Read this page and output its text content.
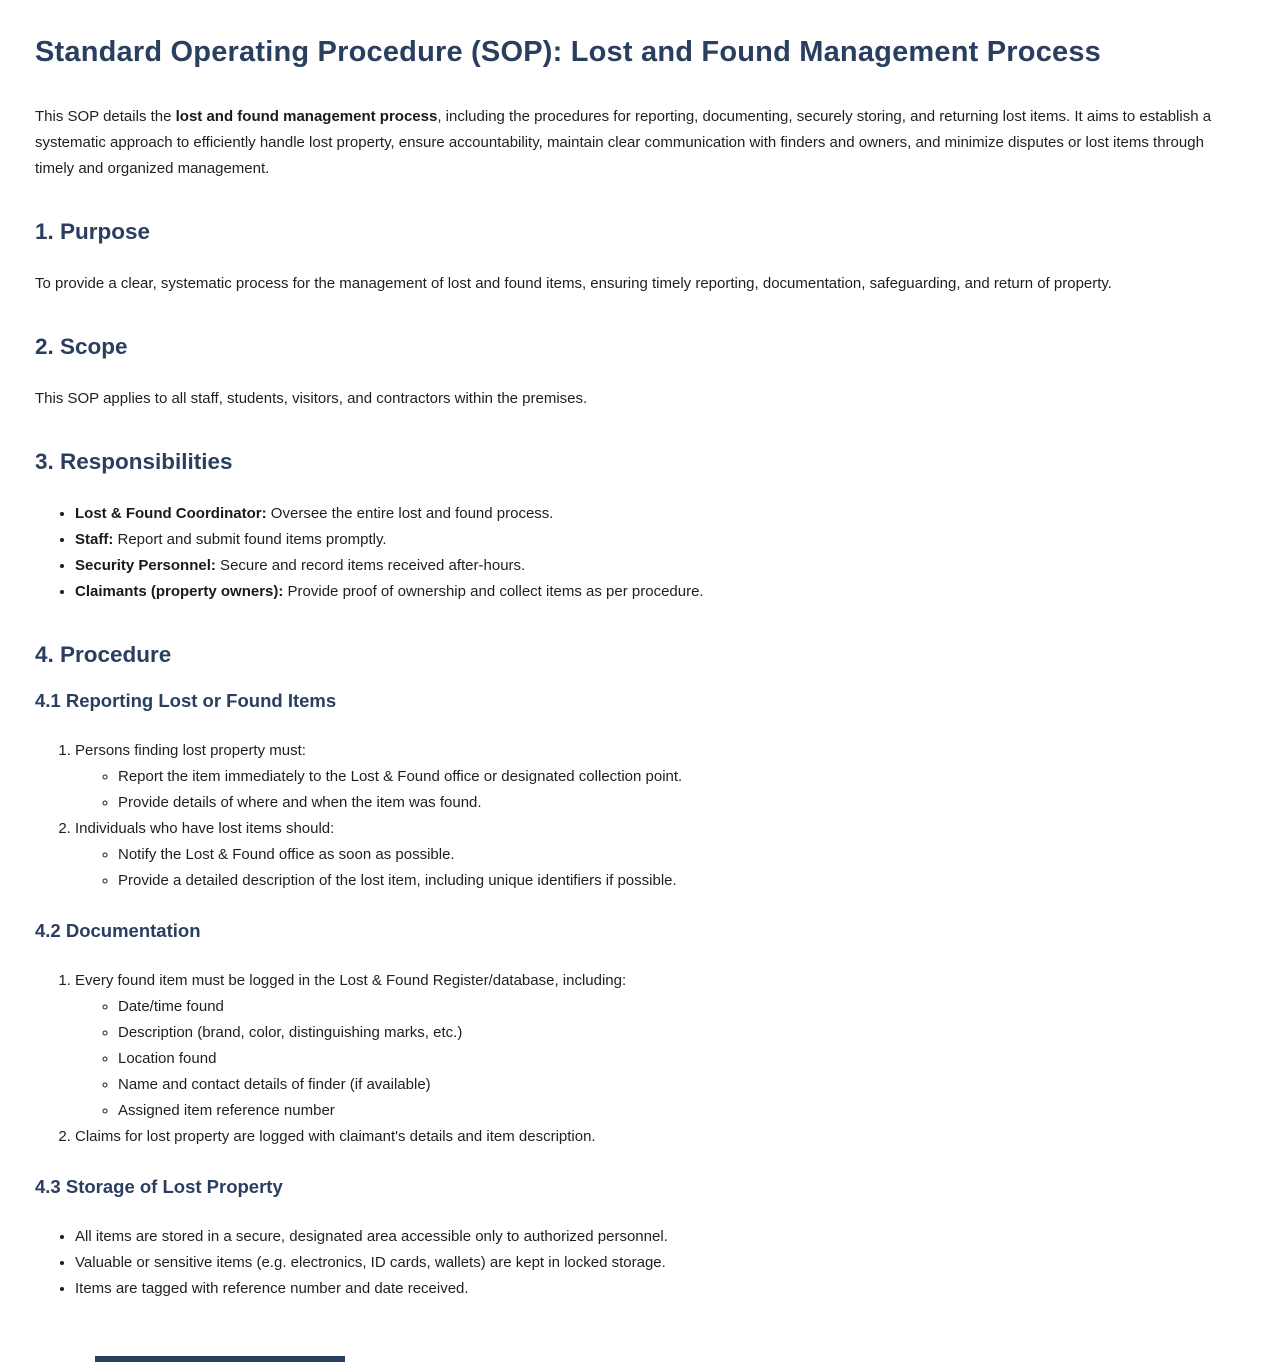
Standard Operating Procedure (SOP): Lost and Found Management Process

This SOP details the lost and found management process, including the procedures for reporting, documenting, securely storing, and returning lost items. It aims to establish a systematic approach to efficiently handle lost property, ensure accountability, maintain clear communication with finders and owners, and minimize disputes or lost items through timely and organized management.

1. Purpose

To provide a clear, systematic process for the management of lost and found items, ensuring timely reporting, documentation, safeguarding, and return of property.

2. Scope

This SOP applies to all staff, students, visitors, and contractors within the premises.

3. Responsibilities
• Lost & Found Coordinator: Oversee the entire lost and found process.
• Staff: Report and submit found items promptly.
• Security Personnel: Secure and record items received after-hours.
• Claimants (property owners): Provide proof of ownership and collect items as per procedure.
4. Procedure
4.1 Reporting Lost or Found Items
1. Persons finding lost property must:
◦ Report the item immediately to the Lost & Found office or designated collection point.
◦ Provide details of where and when the item was found.
2. Individuals who have lost items should:
◦ Notify the Lost & Found office as soon as possible.
◦ Provide a detailed description of the lost item, including unique identifiers if possible.
4.2 Documentation
1. Every found item must be logged in the Lost & Found Register/database, including:
◦ Date/time found
◦ Description (brand, color, distinguishing marks, etc.)
◦ Location found
◦ Name and contact details of finder (if available)
◦ Assigned item reference number
2. Claims for lost property are logged with claimant's details and item description.
4.3 Storage of Lost Property
• All items are stored in a secure, designated area accessible only to authorized personnel.
• Valuable or sensitive items (e.g. electronics, ID cards, wallets) are kept in locked storage.
• Items are tagged with reference number and date received.
